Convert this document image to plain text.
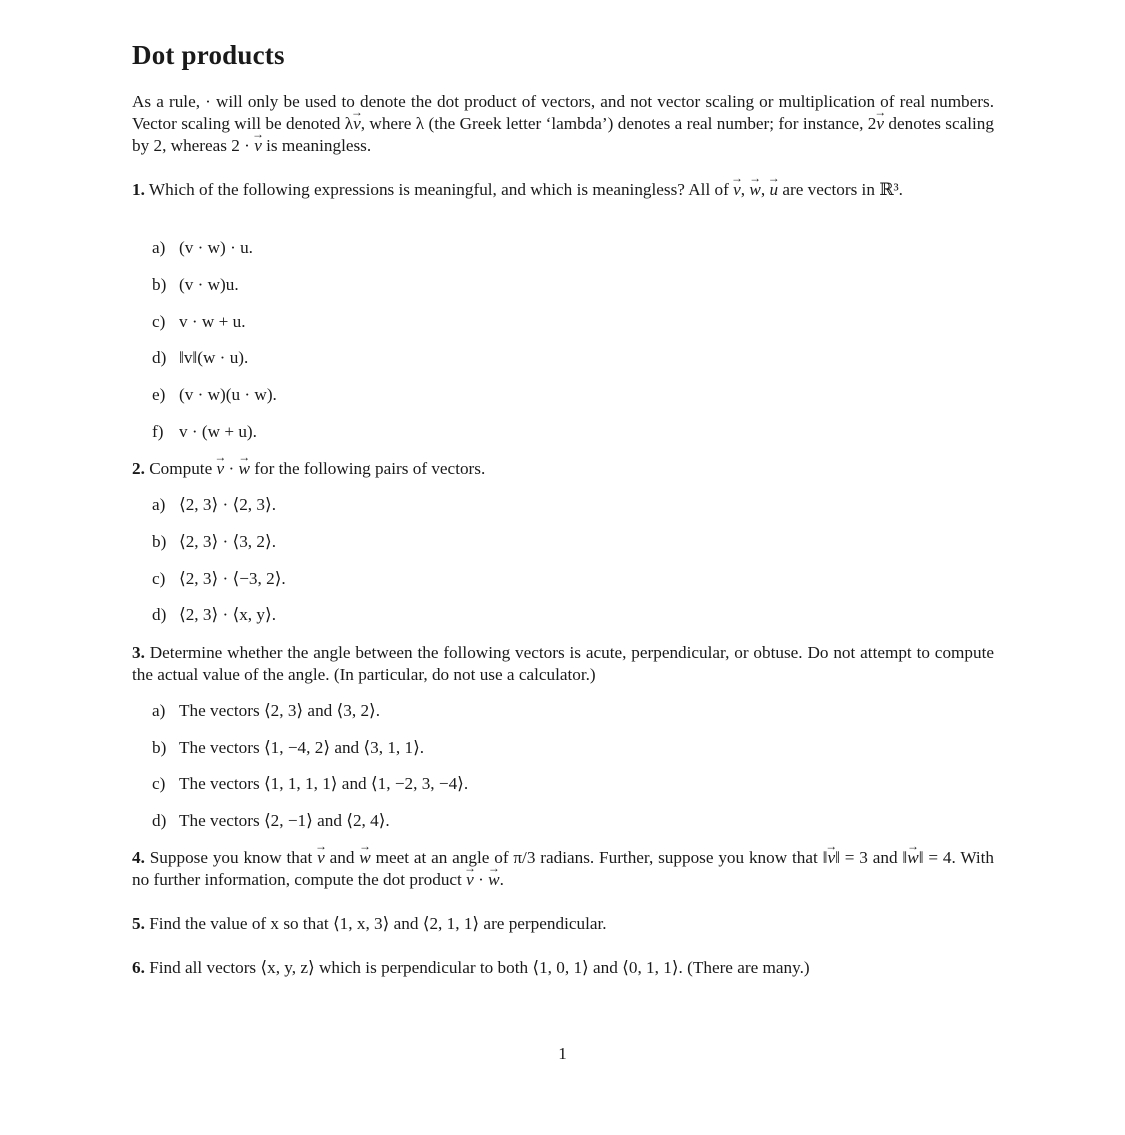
Dot products

As a rule, · will only be used to denote the dot product of vectors, and not vector scaling or multiplication of real numbers. Vector scaling will be denoted λv →, where λ (the Greek letter ‘lambda’) denotes a real number; for instance, 2v → denotes scaling by 2, whereas 2 · v → is meaningless.

1. Which of the following expressions is meaningful, and which is meaningless? All of v →, w →, u → are vectors in ℝ³.

a) (v · w) · u.

b) (v · w)u.

c) v · w + u.

d) ‖v‖(w · u).

e) (v · w)(u · w).

f) v · (w + u).

2. Compute v → · w → for the following pairs of vectors.

a) ⟨2, 3⟩ · ⟨2, 3⟩.

b) ⟨2, 3⟩ · ⟨3, 2⟩.

c) ⟨2, 3⟩ · ⟨−3, 2⟩.

d) ⟨2, 3⟩ · ⟨x, y⟩.

3. Determine whether the angle between the following vectors is acute, perpendicular, or obtuse. Do not attempt to compute the actual value of the angle. (In particular, do not use a calculator.)

a) The vectors ⟨2, 3⟩ and ⟨3, 2⟩.

b) The vectors ⟨1, −4, 2⟩ and ⟨3, 1, 1⟩.

c) The vectors ⟨1, 1, 1, 1⟩ and ⟨1, −2, 3, −4⟩.

d) The vectors ⟨2, −1⟩ and ⟨2, 4⟩.

4. Suppose you know that v → and w → meet at an angle of π/3 radians. Further, suppose you know that ‖v →‖ = 3 and ‖w →‖ = 4. With no further information, compute the dot product v → · w →.

5. Find the value of x so that ⟨1, x, 3⟩ and ⟨2, 1, 1⟩ are perpendicular.

6. Find all vectors ⟨x, y, z⟩ which is perpendicular to both ⟨1, 0, 1⟩ and ⟨0, 1, 1⟩. (There are many.)

1
